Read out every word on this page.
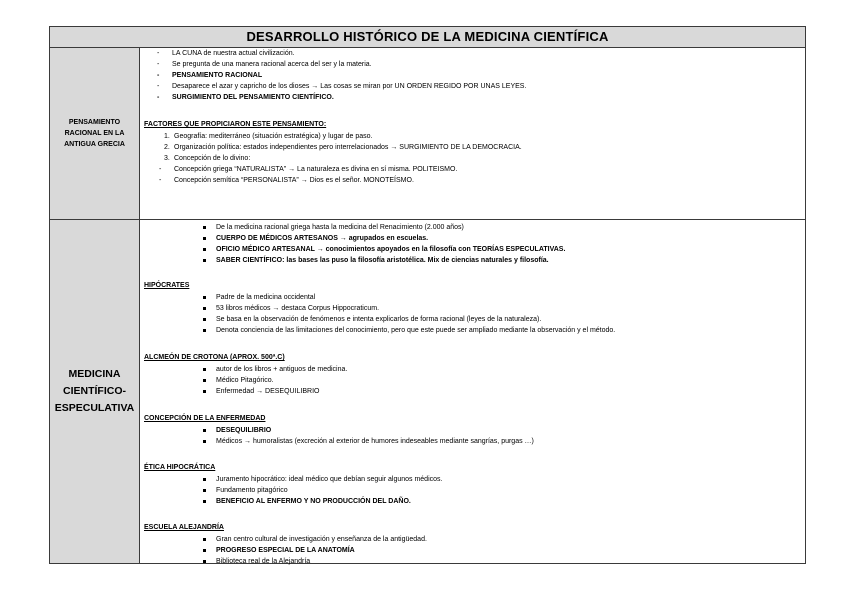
DESARROLLO HISTÓRICO DE LA MEDICINA CIENTÍFICA
PENSAMIENTO
RACIONAL EN LA
ANTIGUA GRECIA
- LA CUNA de nuestra actual civilización.
- Se pregunta de una manera racional acerca del ser y la materia.
- PENSAMIENTO RACIONAL
- Desaparece el azar y capricho de los dioses → Las cosas se miran por UN ORDEN REGIDO POR UNAS LEYES.
- SURGIMIENTO DEL PENSAMIENTO CIENTÍFICO.
FACTORES QUE PROPICIARON ESTE PENSAMIENTO:
1. Geografía: mediterráneo (situación estratégica) y lugar de paso.
2. Organización política: estados independientes pero interrelacionados → SURGIMIENTO DE LA DEMOCRACIA.
3. Concepción de lo divino:
- Concepción griega “NATURALISTA” → La naturaleza es divina en sí misma. POLITEISMO.
- Concepción semítica “PERSONALISTA” → Dios es el señor. MONOTEÍSMO.
MEDICINA
CIENTÍFICO-
ESPECULATIVA
De la medicina racional griega hasta la medicina del Renacimiento (2.000 años)
CUERPO DE MÉDICOS ARTESANOS → agrupados en escuelas.
OFICIO MÉDICO ARTESANAL → conocimientos apoyados en la filosofía con TEORÍAS ESPECULATIVAS.
SABER CIENTÍFICO: las bases las puso la filosofía aristotélica. Mix de ciencias naturales y filosofía.
HIPÓCRATES
Padre de la medicina occidental
53 libros médicos → destaca Corpus Hippocraticum.
Se basa en la observación de fenómenos e intenta explicarlos de forma racional (leyes de la naturaleza).
Denota conciencia de las limitaciones del conocimiento, pero que este puede ser ampliado mediante la observación y el método.
ALCMEÓN DE CROTONA (APROX. 500ª.C)
autor de los libros + antiguos de medicina.
Médico Pitagórico.
Enfermedad → DESEQUILIBRIO
CONCEPCIÓN DE LA ENFERMEDAD
DESEQUILIBRIO
Médicos → humoralistas (excreción al exterior de humores indeseables mediante sangrías, purgas …)
ÉTICA HIPOCRÁTICA
Juramento hipocrático: ideal médico que debían seguir algunos médicos.
Fundamento pitagórico
BENEFICIO AL ENFERMO Y NO PRODUCCIÓN DEL DAÑO.
ESCUELA ALEJANDRÍA
Gran centro cultural de investigación y enseñanza de la antigüedad.
PROGRESO ESPECIAL DE LA ANATOMÍA
Biblioteca real de la Alejandría
